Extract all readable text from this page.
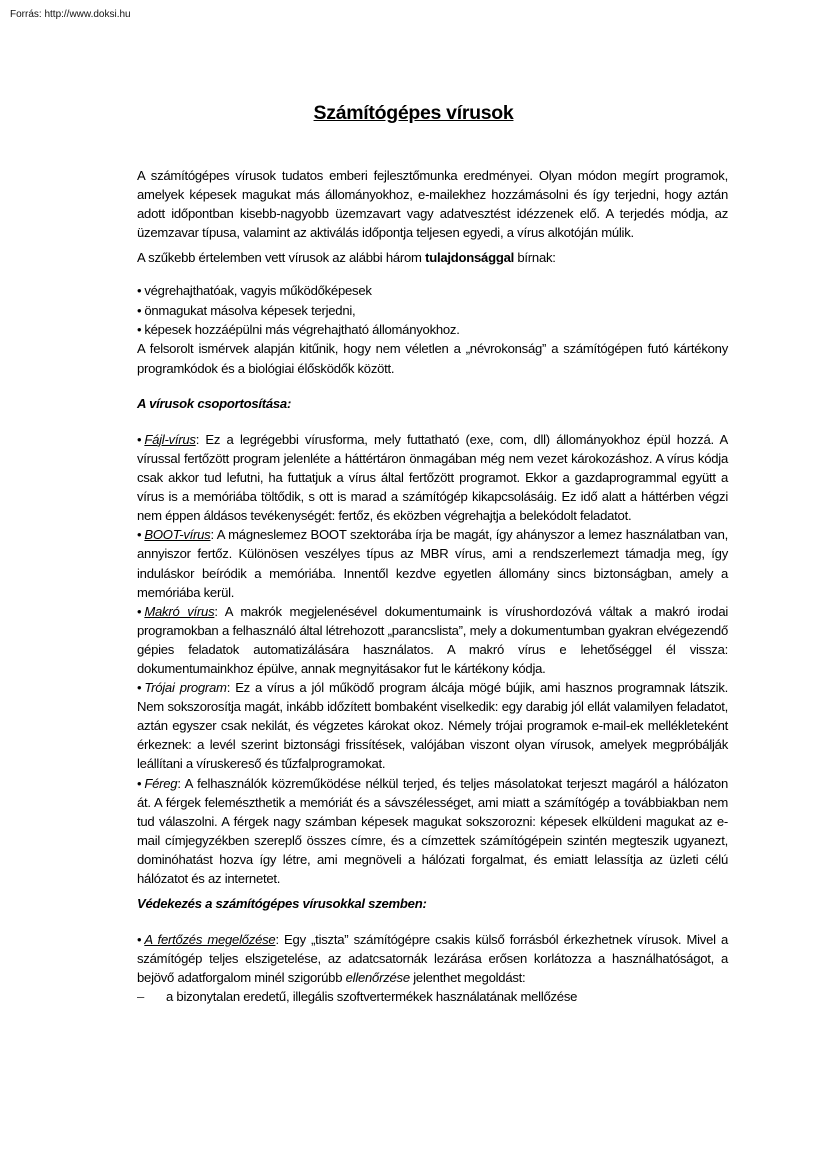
Forrás: http://www.doksi.hu
Számítógépes vírusok

A számítógépes vírusok tudatos emberi fejlesztőmunka eredményei. Olyan módon megírt programok, amelyek képesek magukat más állományokhoz, e-mailekhez hozzámásolni és így terjedni, hogy aztán adott időpontban kisebb-nagyobb üzemzavart vagy adatvesztést idézzenek elő. A terjedés módja, az üzemzavar típusa, valamint az aktiválás időpontja teljesen egyedi, a vírus alkotóján múlik.

A szűkebb értelemben vett vírusok az alábbi három tulajdonsággal bírnak:

• végrehajthatóak, vagyis működőképesek

• önmagukat másolva képesek terjedni,

• képesek hozzáépülni más végrehajtható állományokhoz.

A felsorolt ismérvek alapján kitűnik, hogy nem véletlen a „névrokonság” a számítógépen futó kártékony programkódok és a biológiai élősködők között.

A vírusok csoportosítása:

• Fájl-vírus: Ez a legrégebbi vírusforma, mely futtatható (exe, com, dll) állományokhoz épül hozzá. A vírussal fertőzött program jelenléte a háttértáron önmagában még nem vezet károkozáshoz. A vírus kódja csak akkor tud lefutni, ha futtatjuk a vírus által fertőzött programot. Ekkor a gazdaprogrammal együtt a vírus is a memóriába töltődik, s ott is marad a számítógép kikapcsolásáig. Ez idő alatt a háttérben végzi nem éppen áldásos tevékenységét: fertőz, és eközben végrehajtja a belekódolt feladatot.

• BOOT-vírus: A mágneslemez BOOT szektorába írja be magát, így ahányszor a lemez használatban van, annyiszor fertőz. Különösen veszélyes típus az MBR vírus, ami a rendszerlemezt támadja meg, így induláskor beíródik a memóriába. Innentől kezdve egyetlen állomány sincs biztonságban, amely a memóriába kerül.

• Makró vírus: A makrók megjelenésével dokumentumaink is vírushordozóvá váltak a makró irodai programokban a felhasználó által létrehozott „parancslista”, mely a dokumentumban gyakran elvégezendő gépies feladatok automatizálására használatos. A makró vírus e lehetőséggel él vissza: dokumentumainkhoz épülve, annak megnyitásakor fut le kártékony kódja.

• Trójai program: Ez a vírus a jól működő program álcája mögé bújik, ami hasznos programnak látszik. Nem sokszorosítja magát, inkább időzített bombaként viselkedik: egy darabig jól ellát valamilyen feladatot, aztán egyszer csak nekilát, és végzetes károkat okoz. Némely trójai programok e-mail-ek mellékleteként érkeznek: a levél szerint biztonsági frissítések, valójában viszont olyan vírusok, amelyek megpróbálják leállítani a víruskereső és tűzfalprogramokat.

• Féreg: A felhasználók közreműködése nélkül terjed, és teljes másolatokat terjeszt magáról a hálózaton át. A férgek felemészthetik a memóriát és a sávszélességet, ami miatt a számítógép a továbbiakban nem tud válaszolni. A férgek nagy számban képesek magukat sokszorozni: képesek elküldeni magukat az e-mail címjegyzékben szereplő összes címre, és a címzettek számítógépein szintén megteszik ugyanezt, dominóhatást hozva így létre, ami megnöveli a hálózati forgalmat, és emiatt lelassítja az üzleti célú hálózatot és az internetet.

Védekezés a számítógépes vírusokkal szemben:

• A fertőzés megelőzése: Egy „tiszta” számítógépre csakis külső forrásból érkezhetnek vírusok. Mivel a számítógép teljes elszigetelése, az adatcsatornák lezárása erősen korlátozza a használhatóságot, a bejövő adatforgalom minél szigorúbb ellenőrzése jelenthet megoldást:

–	a bizonytalan eredetű, illegális szoftvertermékek használatának mellőzése
